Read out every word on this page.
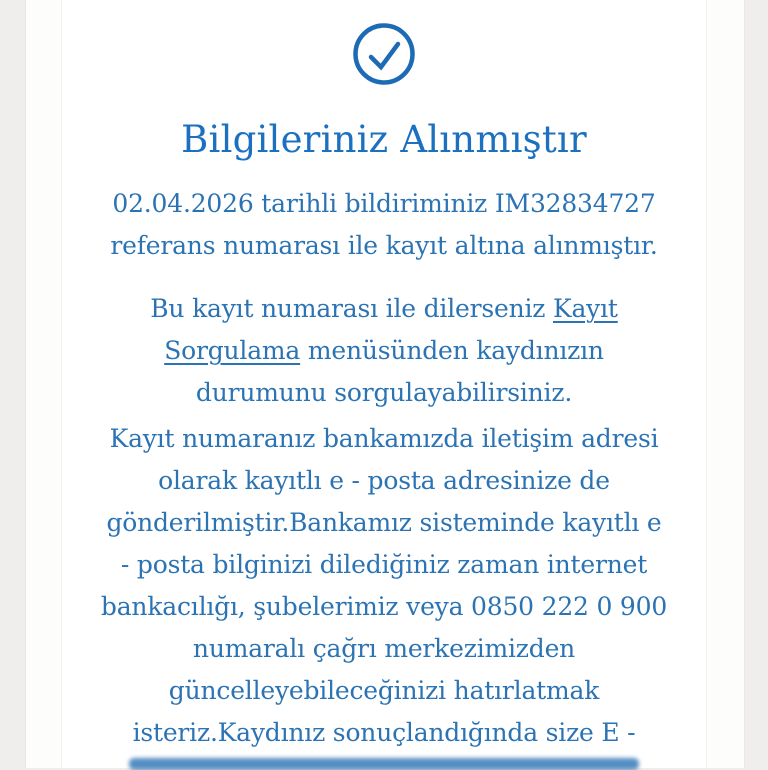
Bilgileriniz Alınmıştır
02.04.2026 tarihli bildiriminiz IM32834727
referans numarası ile kayıt altına alınmıştır.
Bu kayıt numarası ile dilerseniz Kayıt
Sorgulama menüsünden kaydınızın
durumunu sorgulayabilirsiniz.
Kayıt numaranız bankamızda iletişim adresi
olarak kayıtlı e - posta adresinize de
gönderilmiştir.Bankamız sisteminde kayıtlı e
- posta bilginizi dilediğiniz zaman internet
bankacılığı, şubelerimiz veya 0850 222 0 900
numaralı çağrı merkezimizden
güncelleyebileceğinizi hatırlatmak
isteriz.Kaydınız sonuçlandığında size E -
